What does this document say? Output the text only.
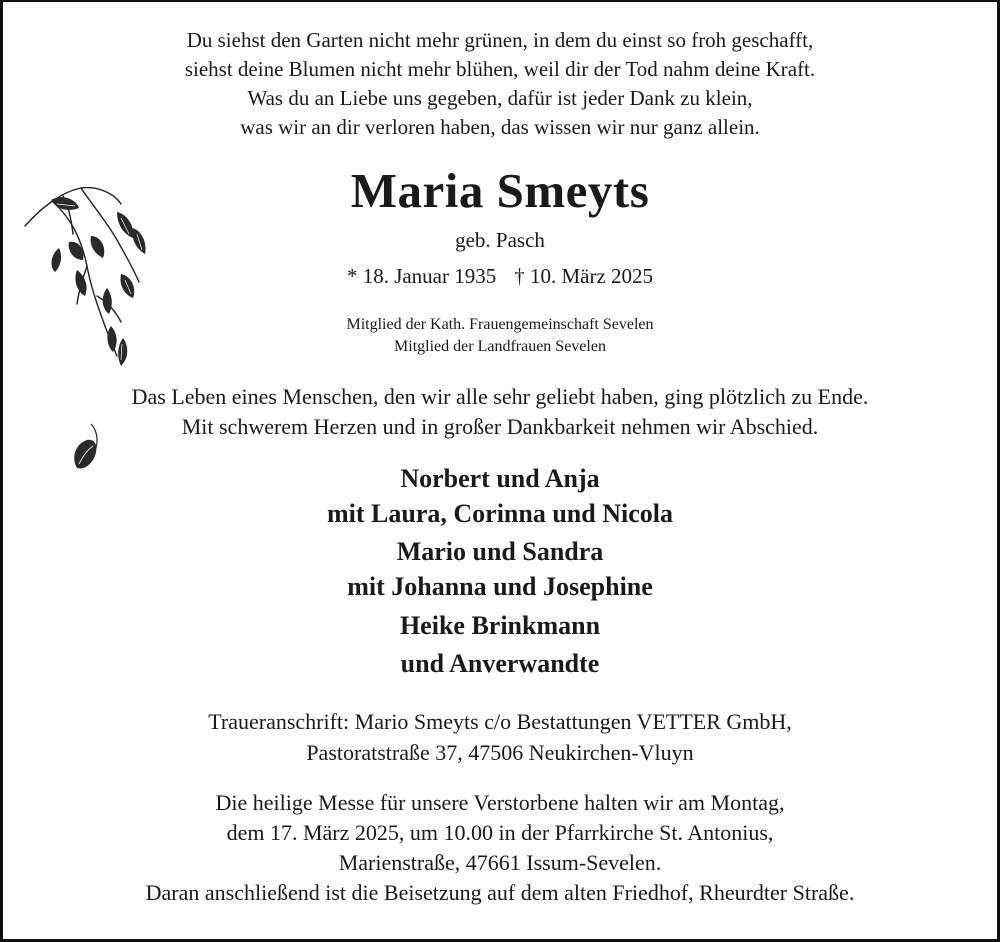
Du siehst den Garten nicht mehr grünen, in dem du einst so froh geschafft,
siehst deine Blumen nicht mehr blühen, weil dir der Tod nahm deine Kraft.
Was du an Liebe uns gegeben, dafür ist jeder Dank zu klein,
was wir an dir verloren haben, das wissen wir nur ganz allein.
Maria Smeyts
geb. Pasch
* 18. Januar 1935 † 10. März 2025
Mitglied der Kath. Frauengemeinschaft Sevelen
Mitglied der Landfrauen Sevelen
Das Leben eines Menschen, den wir alle sehr geliebt haben, ging plötzlich zu Ende.
Mit schwerem Herzen und in großer Dankbarkeit nehmen wir Abschied.
Norbert und Anja
mit Laura, Corinna und Nicola
Mario und Sandra
mit Johanna und Josephine
Heike Brinkmann
und Anverwandte
Traueranschrift: Mario Smeyts c/o Bestattungen VETTER GmbH,
Pastoratstraße 37, 47506 Neukirchen-Vluyn
Die heilige Messe für unsere Verstorbene halten wir am Montag,
dem 17. März 2025, um 10.00 in der Pfarrkirche St. Antonius,
Marienstraße, 47661 Issum-Sevelen.
Daran anschließend ist die Beisetzung auf dem alten Friedhof, Rheurdter Straße.
